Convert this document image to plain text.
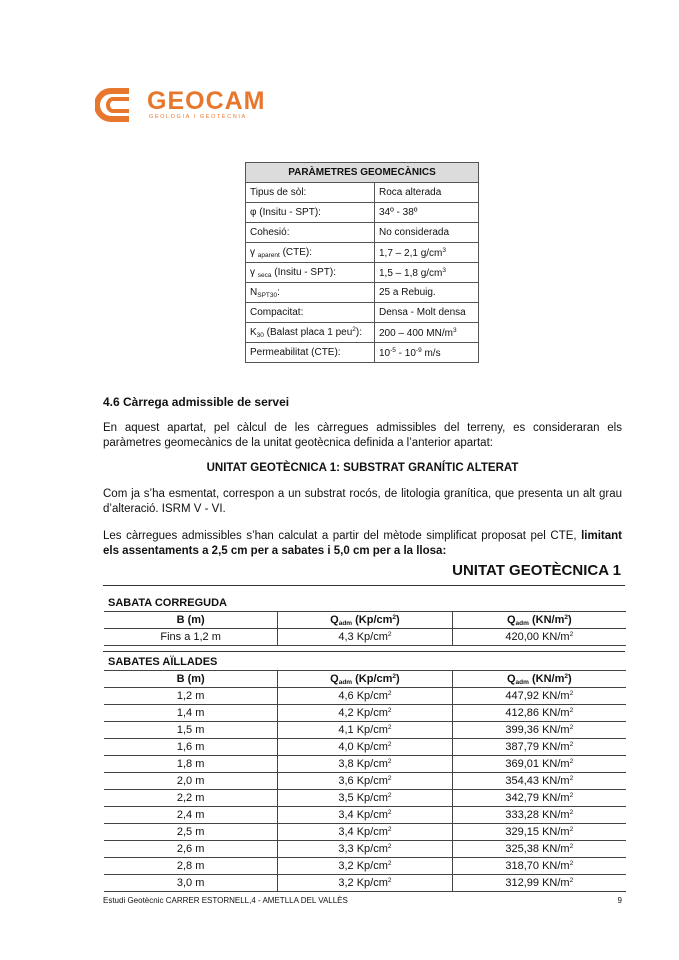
GEOCAM
GEOLOGIA I GEOTÈCNIA
PARÀMETRES GEOMECÀNICS	
Tipus de sòl:	Roca alterada
φ (Insitu - SPT):	34º - 38º
Cohesió:	No considerada
γ $_{aparent}$ (CTE):	1,7 – 2,1 $g/cm^3$
γ $_{seca}$ (Insitu - SPT):	1,5 – 1,8 $g/cm^3$
$N_{SPT30}$:	25 a Rebuig.
Compacitat:	Densa - Molt densa
$K_{30}$ (Balast placa 1 peu$^2$):	200 – 400 $MN/m^3$
Permeabilitat (CTE):	$10^{-5} - 10^{-9}$ m/s
4.6 Càrrega admissible de servei
En aquest apartat, pel càlcul de les càrregues admissibles del terreny, es consideraran els paràmetres geomecànics de la unitat geotècnica definida a l’anterior apartat:
UNITAT GEOTÈCNICA 1: SUBSTRAT GRANÍTIC ALTERAT
Com ja s’ha esmentat, correspon a un substrat rocós, de litologia granítica, que presenta un alt grau d’alteració. ISRM V - VI.
Les càrregues admissibles s’han calculat a partir del mètode simplificat proposat pel CTE, limitant els assentaments a 2,5 cm per a sabates i 5,0 cm per a la llosa:
UNITAT GEOTÈCNICA 1
SABATA CORREGUDA
B (m)	$Q_{adm}$ $(Kp/cm^2)$	$Q_{adm}$ $(KN/m^2)$
Fins a 1,2 m	4,3 $Kp/cm^2$	420,00 $KN/m^2$
SABATES AÏLLADES
B (m)	$Q_{adm}$ $(Kp/cm^2)$	$Q_{adm}$ $(KN/m^2)$
1,2 m	4,6 $Kp/cm^2$	447,92 $KN/m^2$
1,4 m	4,2 $Kp/cm^2$	412,86 $KN/m^2$
1,5 m	4,1 $Kp/cm^2$	399,36 $KN/m^2$
1,6 m	4,0 $Kp/cm^2$	387,79 $KN/m^2$
1,8 m	3,8 $Kp/cm^2$	369,01 $KN/m^2$
2,0 m	3,6 $Kp/cm^2$	354,43 $KN/m^2$
2,2 m	3,5 $Kp/cm^2$	342,79 $KN/m^2$
2,4 m	3,4 $Kp/cm^2$	333,28 $KN/m^2$
2,5 m	3,4 $Kp/cm^2$	329,15 $KN/m^2$
2,6 m	3,3 $Kp/cm^2$	325,38 $KN/m^2$
2,8 m	3,2 $Kp/cm^2$	318,70 $KN/m^2$
3,0 m	3,2 $Kp/cm^2$	312,99 $KN/m^2$
Estudi Geotècnic CARRER ESTORNELL,4 - AMETLLA DEL VALLÈS	9
